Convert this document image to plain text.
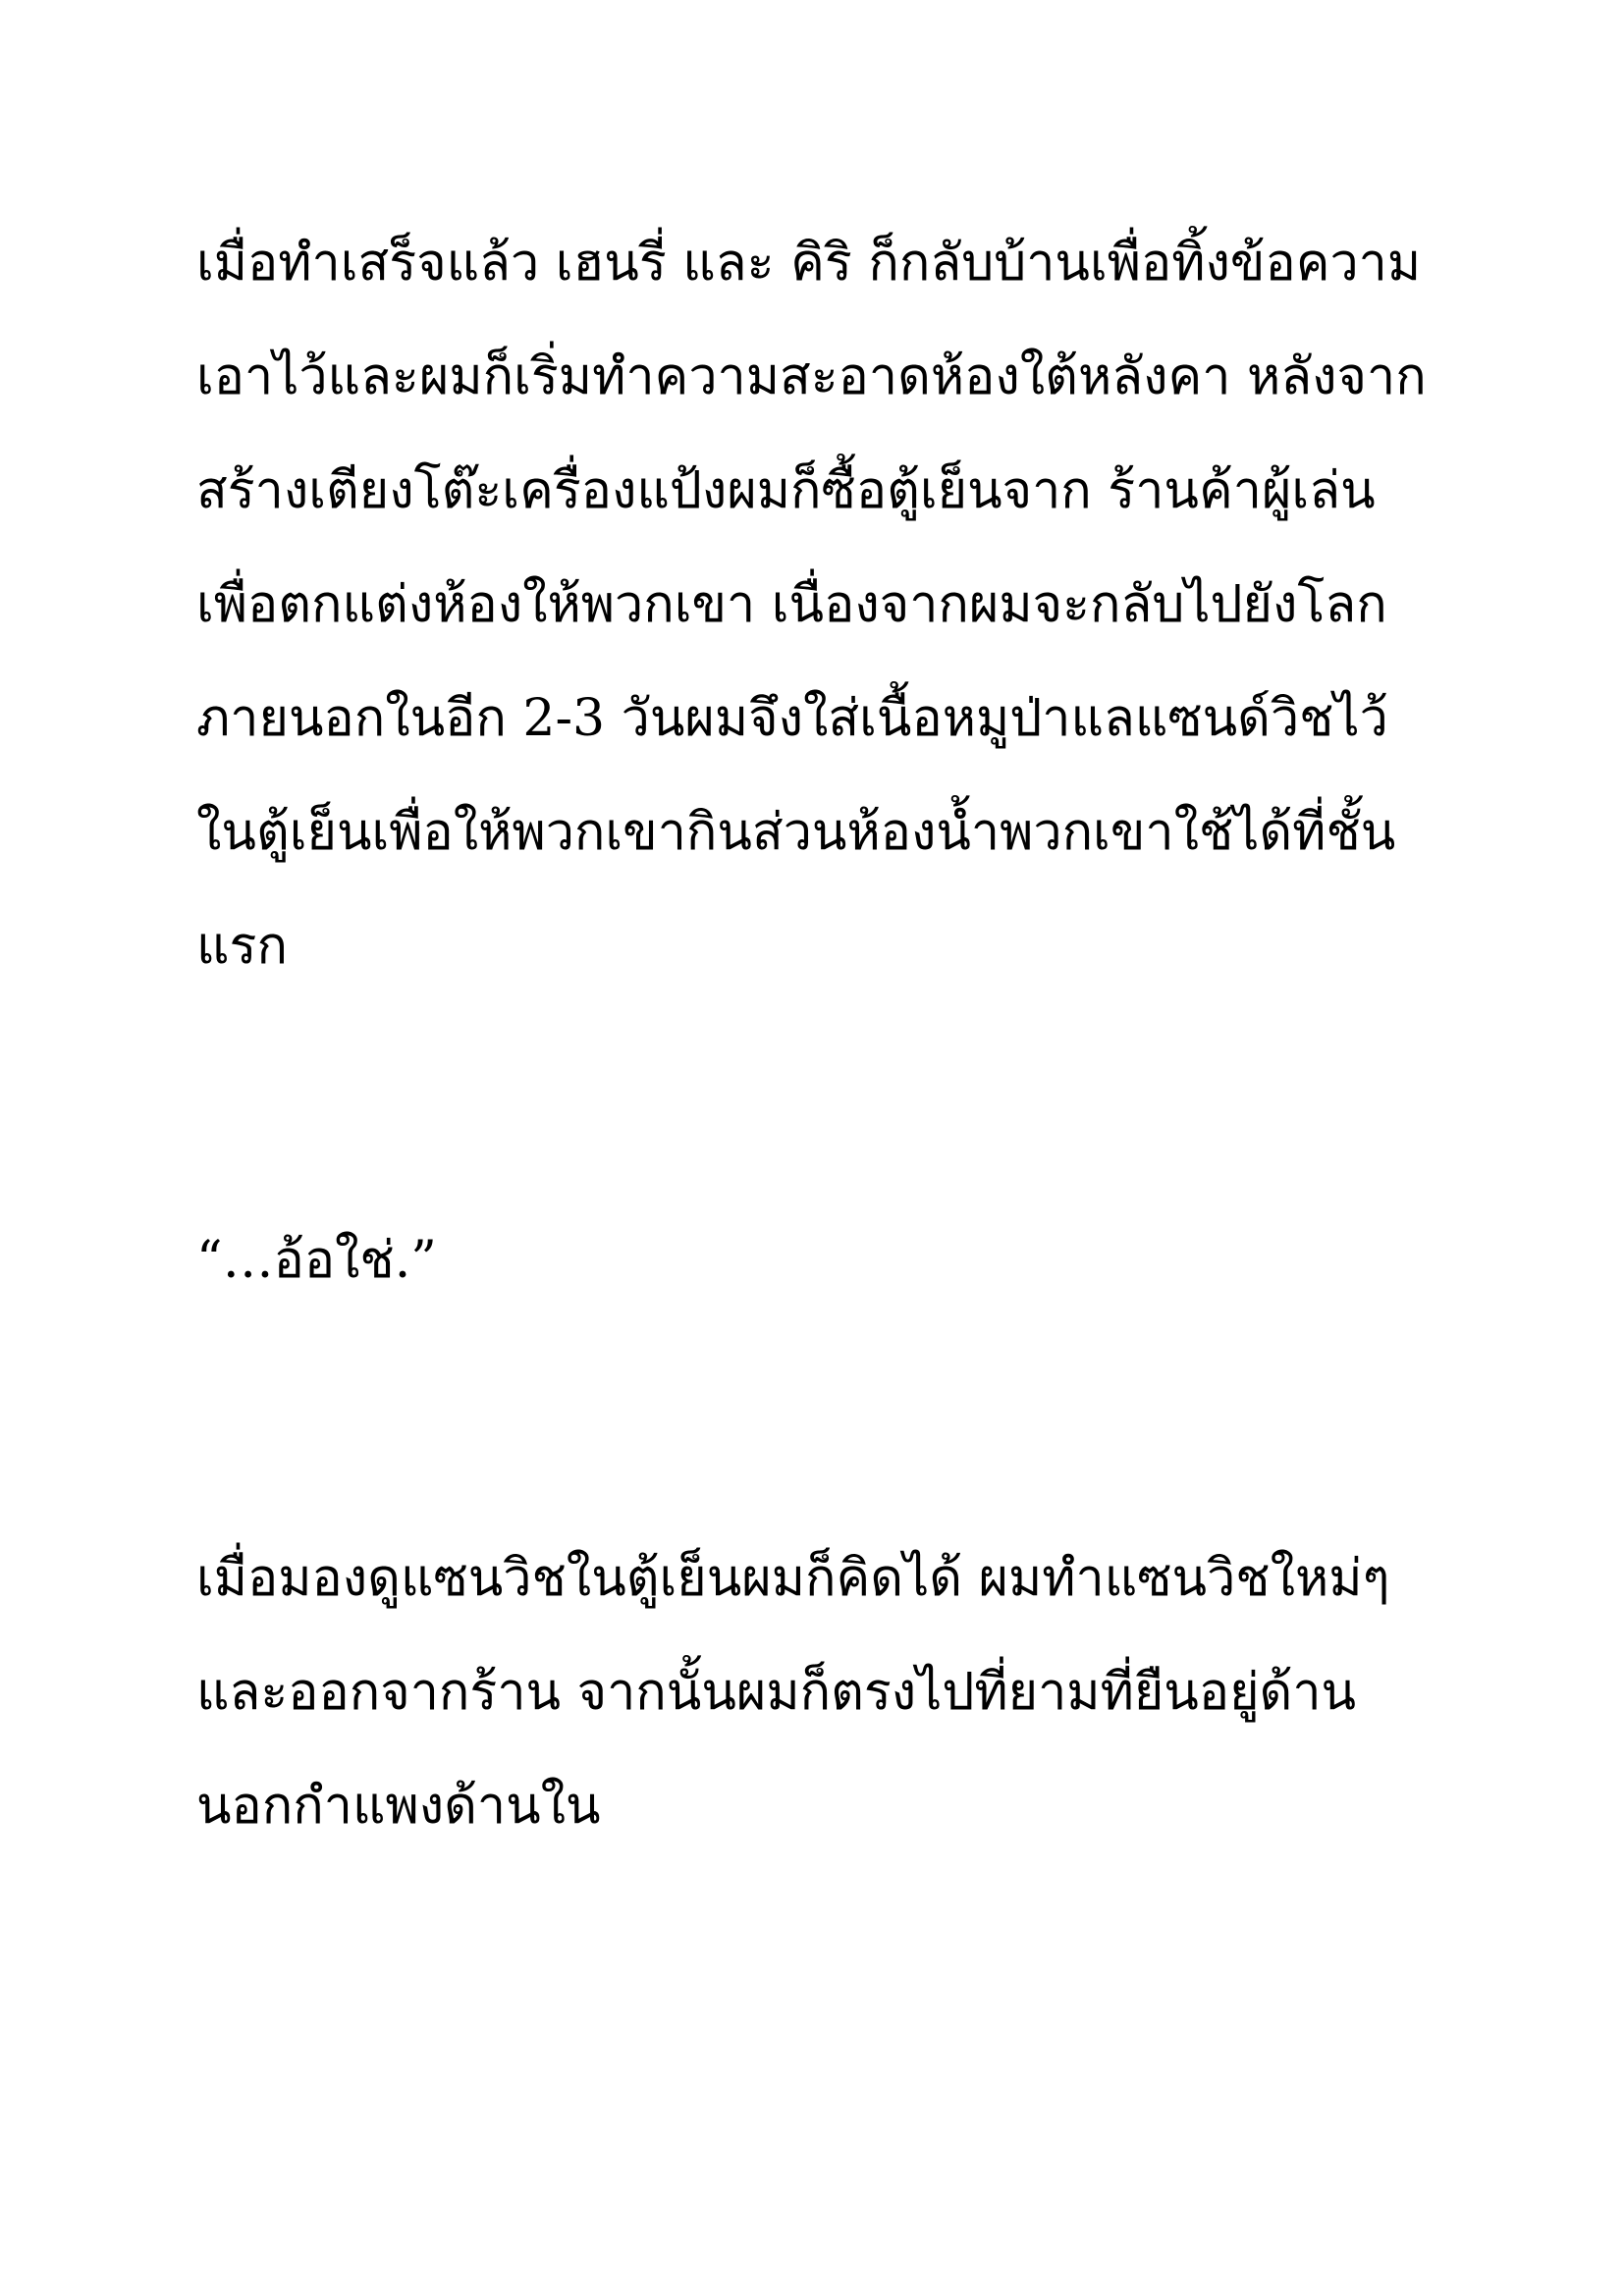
เมื่อทำเสร็จแล้ว เฮนรี่ และ คิริ ก็กลับบ้านเพื่อทิ้งข้อความ

เอาไว้และผมก็เริ่มทำความสะอาดห้องใต้หลังคา หลังจาก

สร้างเตียงโต๊ะเครื่องแป้งผมก็ซื้อตู้เย็นจาก ร้านค้าผู้เล่น

เพื่อตกแต่งห้องให้พวกเขา เนื่องจากผมจะกลับไปยังโลก

ภายนอกในอีก 2-3 วันผมจึงใส่เนื้อหมูป่าแลแซนด์วิชไว้

ในตู้เย็นเพื่อให้พวกเขากินส่วนห้องน้ำพวกเขาใช้ได้ที่ชั้น

แรก

“…อ้อใช่.”

เมื่อมองดูแซนวิชในตู้เย็นผมก็คิดได้ ผมทำแซนวิชใหม่ๆ

และออกจากร้าน จากนั้นผมก็ตรงไปที่ยามที่ยืนอยู่ด้าน

นอกกำแพงด้านใน
